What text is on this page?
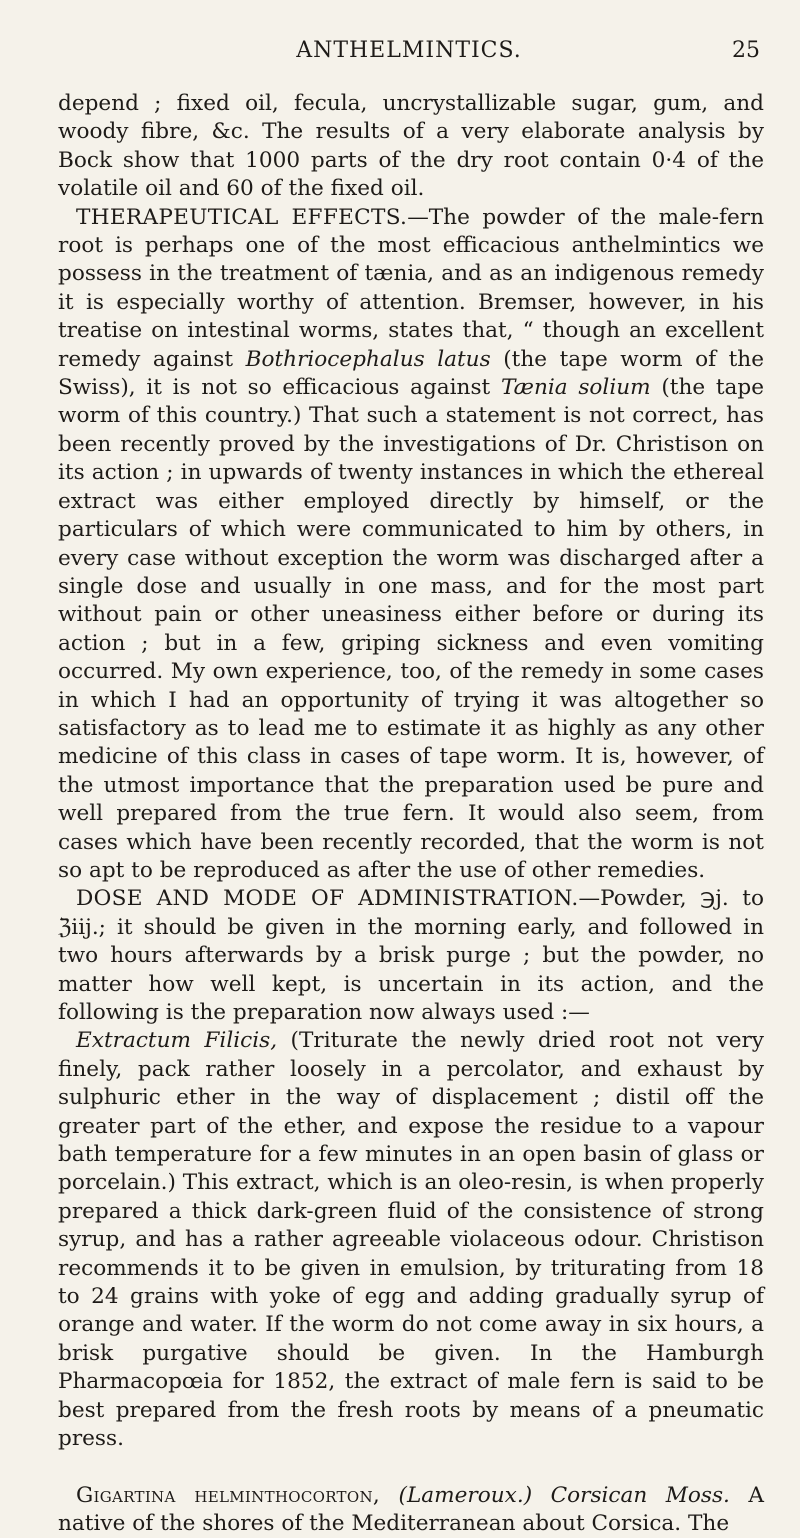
ANTHELMINTICS.	25

depend ; fixed oil, fecula, uncrystallizable sugar, gum, and woody fibre, &c. The results of a very elaborate analysis by Bock show that 1000 parts of the dry root contain 0·4 of the volatile oil and 60 of the fixed oil.

THERAPEUTICAL EFFECTS.—The powder of the male-fern root is perhaps one of the most efficacious anthelmintics we possess in the treatment of tænia, and as an indigenous remedy it is especially worthy of attention. Bremser, however, in his treatise on intestinal worms, states that, “ though an excellent remedy against Bothriocephalus latus (the tape worm of the Swiss), it is not so efficacious against Tænia solium (the tape worm of this country.) That such a statement is not correct, has been recently proved by the investigations of Dr. Christison on its action ; in upwards of twenty instances in which the ethereal extract was either employed directly by himself, or the particulars of which were communicated to him by others, in every case without exception the worm was discharged after a single dose and usually in one mass, and for the most part without pain or other uneasiness either before or during its action ; but in a few, griping sickness and even vomiting occurred. My own experience, too, of the remedy in some cases in which I had an opportunity of trying it was altogether so satisfactory as to lead me to estimate it as highly as any other medicine of this class in cases of tape worm. It is, however, of the utmost importance that the preparation used be pure and well prepared from the true fern. It would also seem, from cases which have been recently recorded, that the worm is not so apt to be reproduced as after the use of other remedies.

DOSE AND MODE OF ADMINISTRATION.—Powder, ℈j. to ℨiij.; it should be given in the morning early, and followed in two hours afterwards by a brisk purge ; but the powder, no matter how well kept, is uncertain in its action, and the following is the preparation now always used :—

Extractum Filicis, (Triturate the newly dried root not very finely, pack rather loosely in a percolator, and exhaust by sulphuric ether in the way of displacement ; distil off the greater part of the ether, and expose the residue to a vapour bath temperature for a few minutes in an open basin of glass or porcelain.) This extract, which is an oleo-resin, is when properly prepared a thick dark-green fluid of the consistence of strong syrup, and has a rather agreeable violaceous odour. Christison recommends it to be given in emulsion, by triturating from 18 to 24 grains with yoke of egg and adding gradually syrup of orange and water. If the worm do not come away in six hours, a brisk purgative should be given. In the Hamburgh Pharmacopœia for 1852, the extract of male fern is said to be best prepared from the fresh roots by means of a pneumatic press.

Gigartina helminthocorton, (Lameroux.) Corsican Moss. A native of the shores of the Mediterranean about Corsica. The
